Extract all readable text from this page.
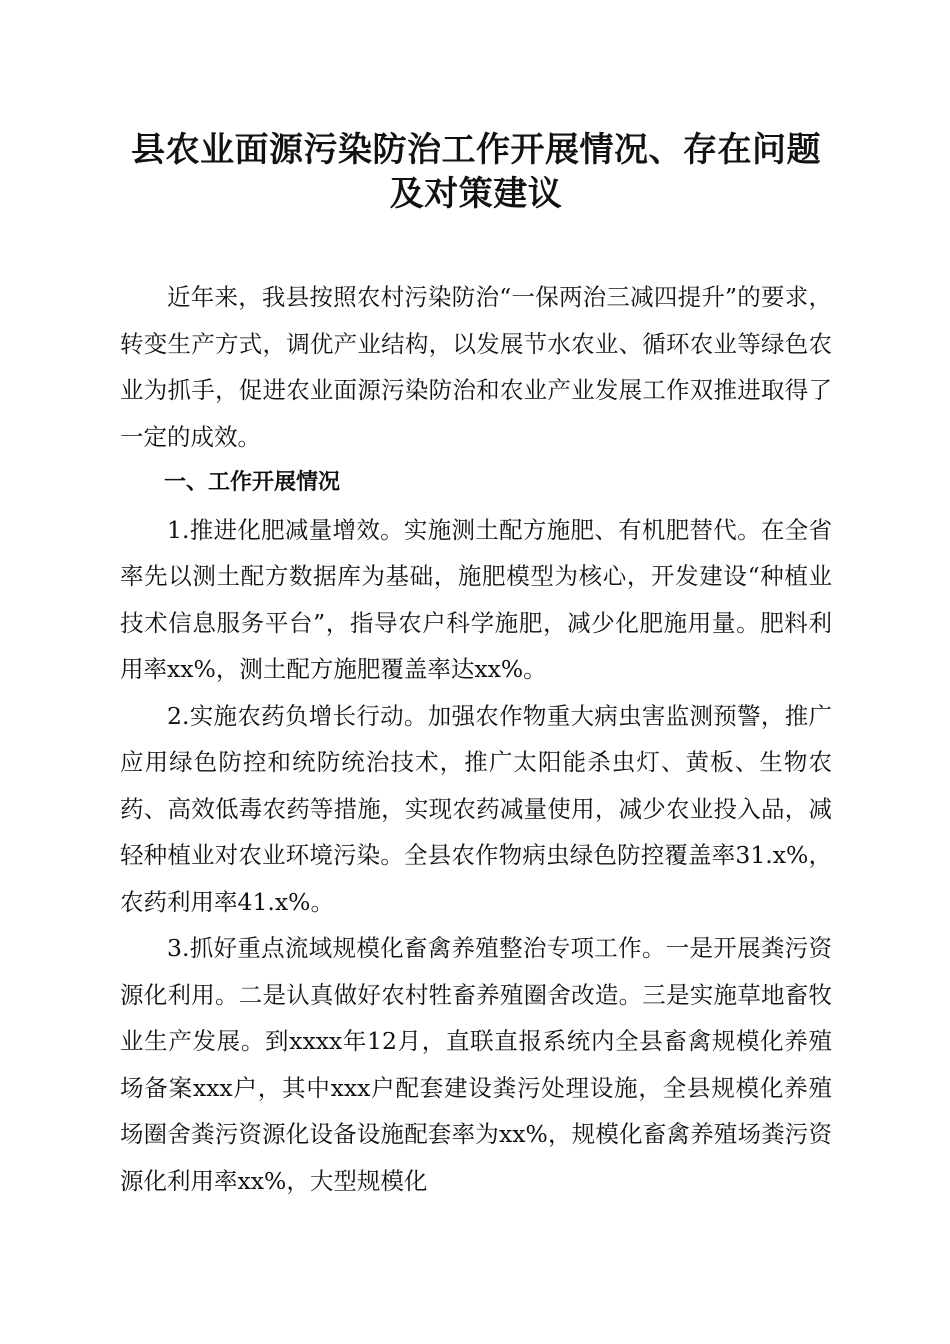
县农业面源污染防治工作开展情况、存在问题
及对策建议

近年来，我县按照农村污染防治“一保两治三减四提升”的要求，转变生产方式，调优产业结构，以发展节水农业、循环农业等绿色农业为抓手，促进农业面源污染防治和农业产业发展工作双推进取得了一定的成效。

一、工作开展情况

1.推进化肥减量增效。实施测土配方施肥、有机肥替代。在全省率先以测土配方数据库为基础，施肥模型为核心，开发建设“种植业技术信息服务平台”，指导农户科学施肥，减少化肥施用量。肥料利用率xx%，测土配方施肥覆盖率达xx%。

2.实施农药负增长行动。加强农作物重大病虫害监测预警，推广应用绿色防控和统防统治技术，推广太阳能杀虫灯、黄板、生物农药、高效低毒农药等措施，实现农药减量使用，减少农业投入品，减轻种植业对农业环境污染。全县农作物病虫绿色防控覆盖率31.x%，农药利用率41.x%。

3.抓好重点流域规模化畜禽养殖整治专项工作。一是开展粪污资源化利用。二是认真做好农村牲畜养殖圈舍改造。三是实施草地畜牧业生产发展。到xxxx年12月，直联直报系统内全县畜禽规模化养殖场备案xxx户，其中xxx户配套建设粪污处理设施，全县规模化养殖场圈舍粪污资源化设备设施配套率为xx%，规模化畜禽养殖场粪污资源化利用率xx%，大型规模化
